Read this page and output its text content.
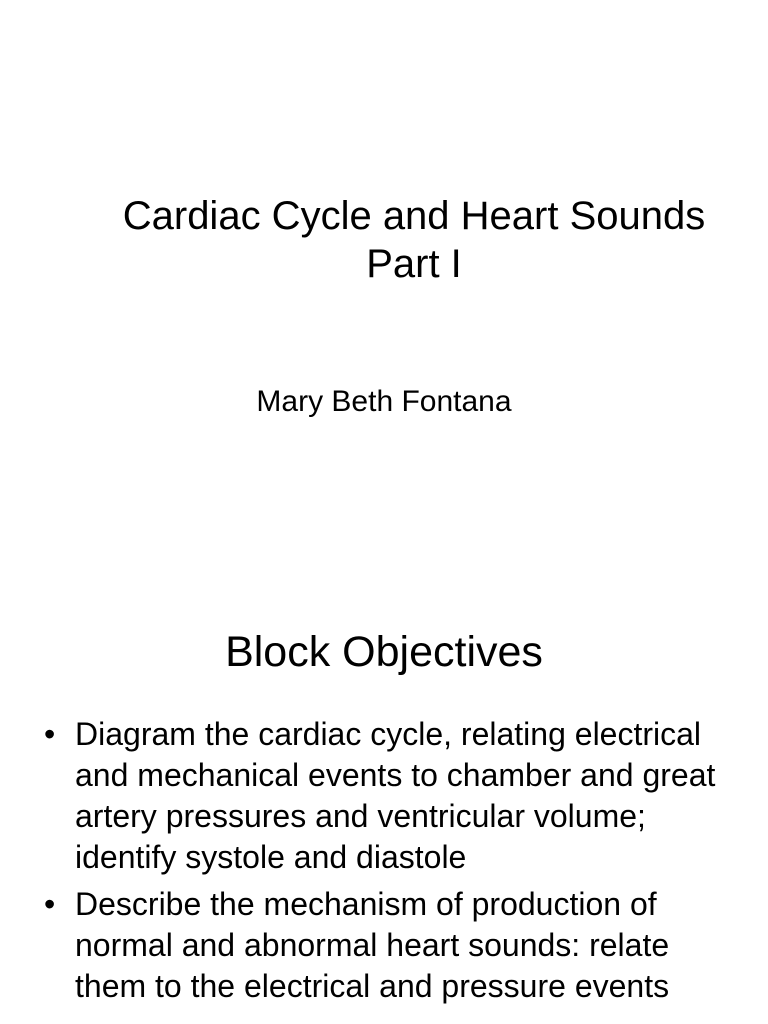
Cardiac Cycle and Heart Sounds
Part I
Mary Beth Fontana
Block Objectives
• Diagram the cardiac cycle, relating electrical and mechanical events to chamber and great artery pressures and ventricular volume; identify systole and diastole
• Describe the mechanism of production of normal and abnormal heart sounds: relate them to the electrical and pressure events
